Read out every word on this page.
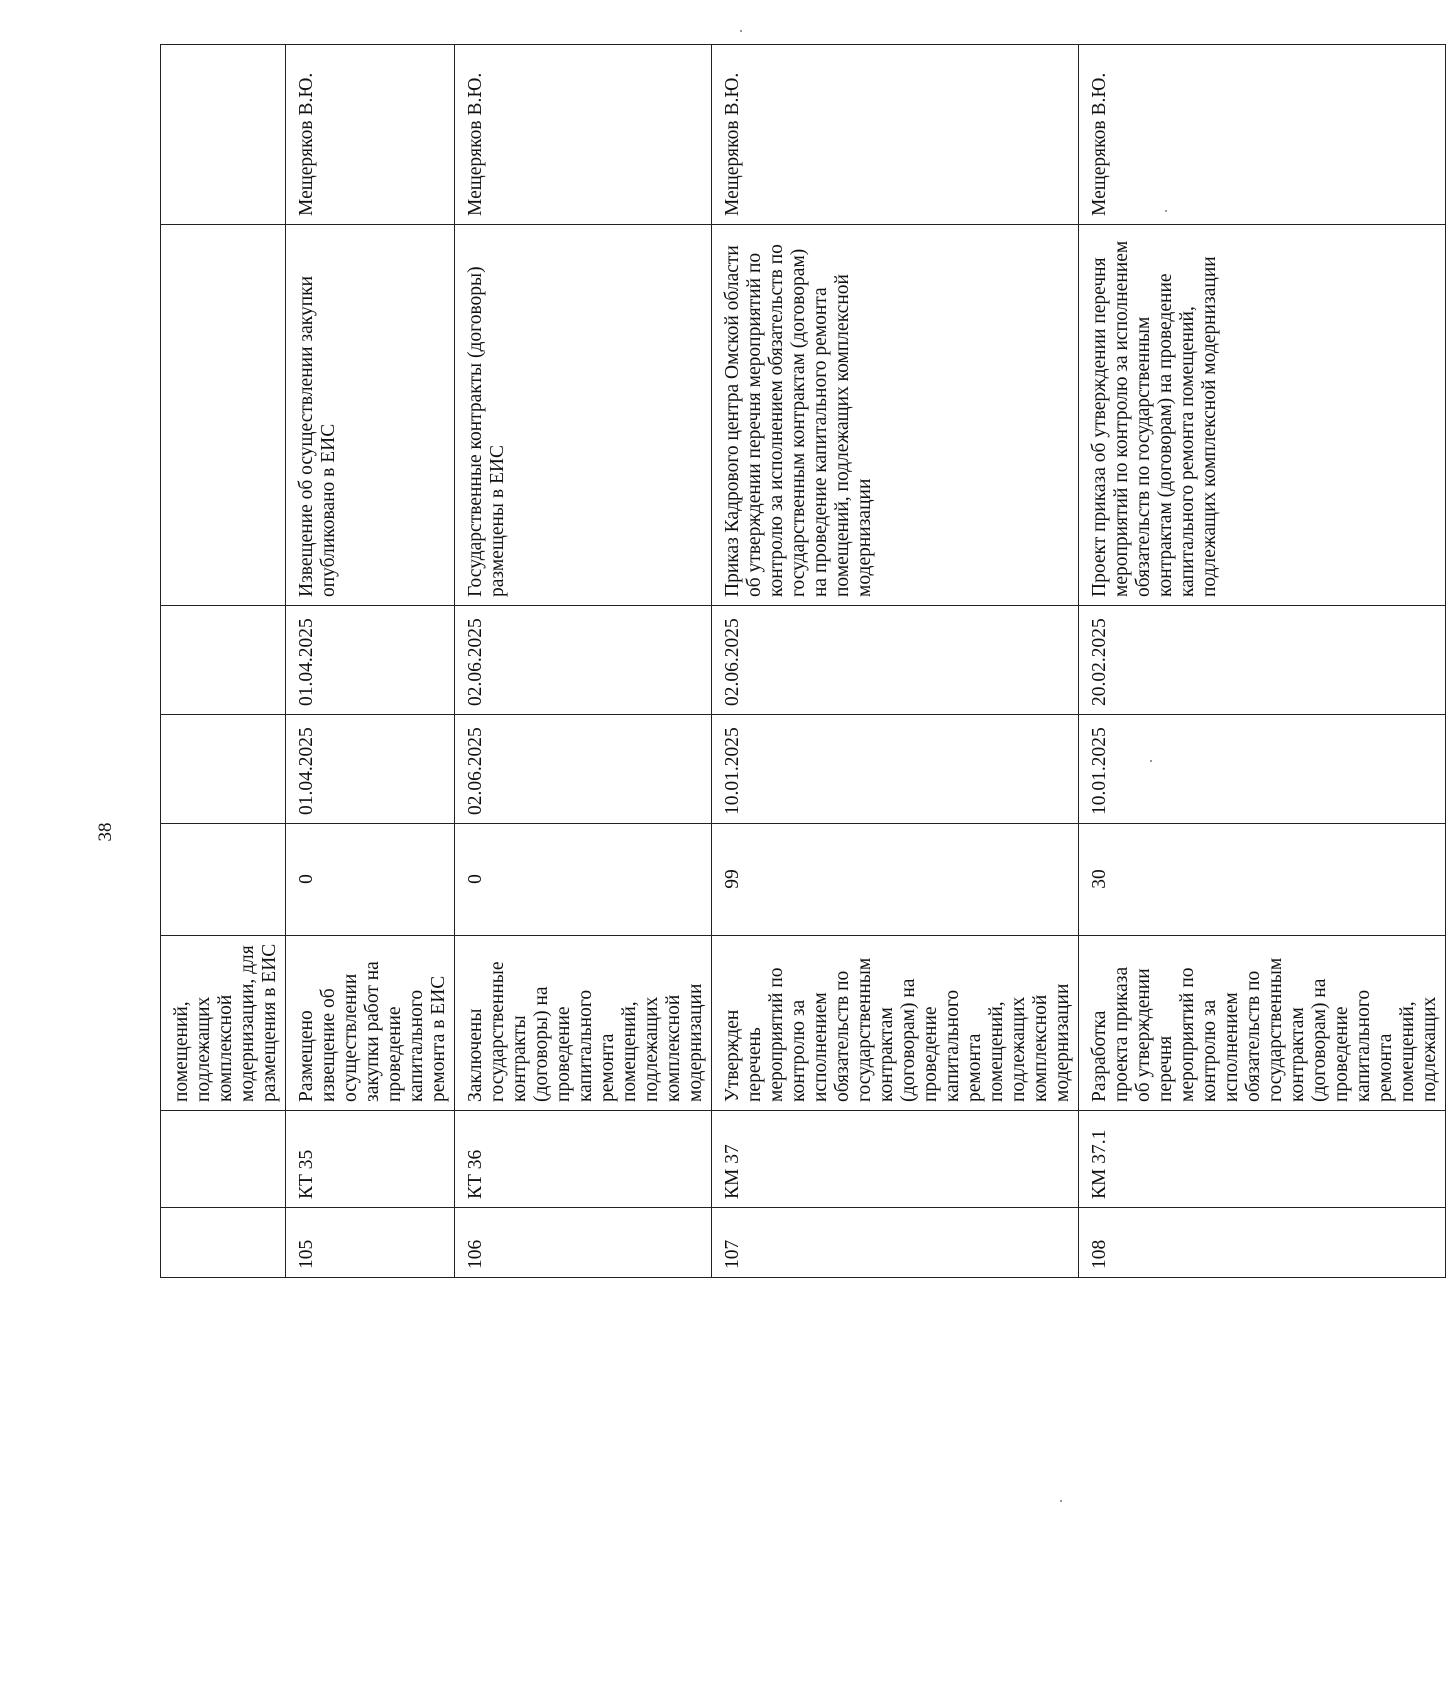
38
		помещений, подлежащих комплексной модернизации, для размещения в ЕИС					
105	КТ 35	Размещено извещение об осуществлении закупки работ на проведение капитального ремонта в ЕИС	0	01.04.2025	01.04.2025	Извещение об осуществлении закупки опубликовано в ЕИС	Мещеряков В.Ю.
106	КТ 36	Заключены государственные контракты (договоры) на проведение капитального ремонта помещений, подлежащих комплексной модернизации	0	02.06.2025	02.06.2025	Государственные контракты (договоры) размещены в ЕИС	Мещеряков В.Ю.
107	КМ 37	Утвержден перечень мероприятий по контролю за исполнением обязательств по государственным контрактам (договорам) на проведение капитального ремонта помещений, подлежащих комплексной модернизации	99	10.01.2025	02.06.2025	Приказ Кадрового центра Омской области об утверждении перечня мероприятий по контролю за исполнением обязательств по государственным контрактам (договорам) на проведение капитального ремонта помещений, подлежащих комплексной модернизации	Мещеряков В.Ю.
108	КМ 37.1	Разработка проекта приказа об утверждении перечня мероприятий по контролю за исполнением обязательств по государственным контрактам (договорам) на проведение капитального ремонта помещений, подлежащих	30	10.01.2025	20.02.2025	Проект приказа об утверждении перечня мероприятий по контролю за исполнением обязательств по государственным контрактам (договорам) на проведение капитального ремонта помещений, подлежащих комплексной модернизации	Мещеряков В.Ю.
